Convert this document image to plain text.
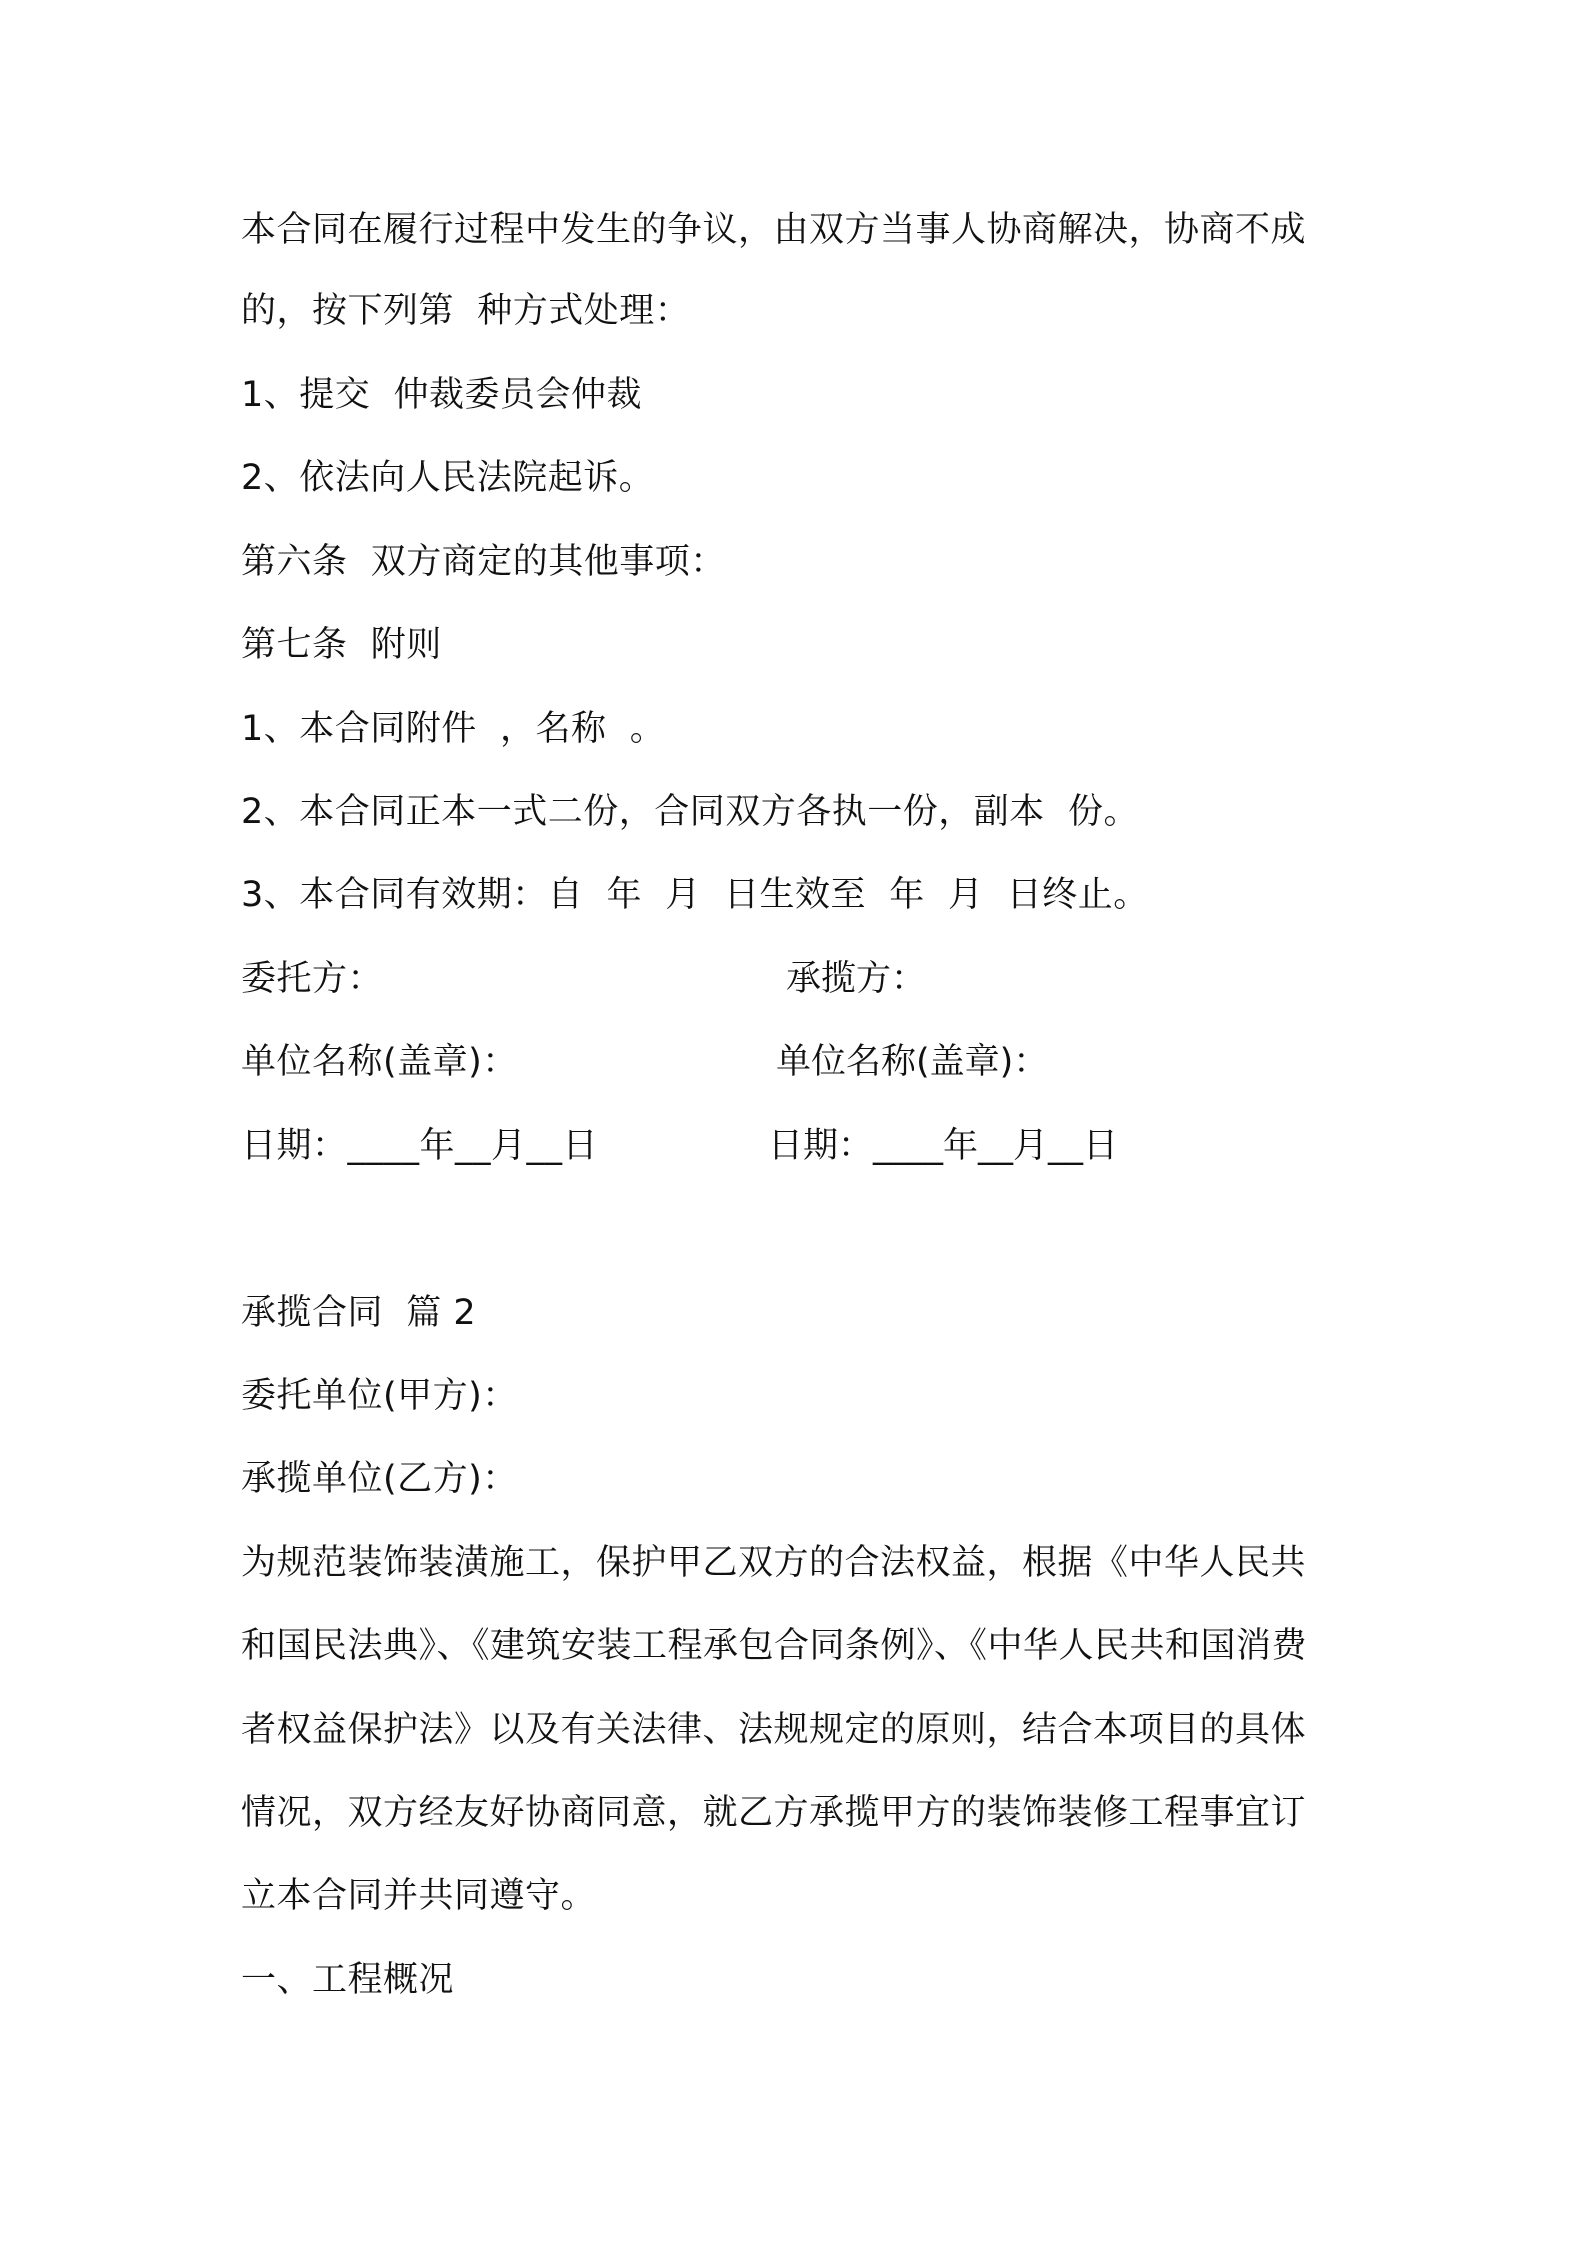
本合同在履行过程中发生的争议，由双方当事人协商解决，协商不成
的，按下列第  种方式处理：
1、提交  仲裁委员会仲裁
2、依法向人民法院起诉。
第六条  双方商定的其他事项：
第七条  附则
1、本合同附件  ，名称  。
2、本合同正本一式二份，合同双方各执一份，副本  份。
3、本合同有效期：自  年  月  日生效至  年  月  日终止。
委托方：	承揽方：
单位名称(盖章)：	单位名称(盖章)：
日期：____年__月__日	日期：____年__月__日
承揽合同  篇 2
委托单位(甲方)：
承揽单位(乙方)：
为规范装饰装潢施工，保护甲乙双方的合法权益，根据《中华人民共
和国民法典》、《建筑安装工程承包合同条例》、《中华人民共和国消费
者权益保护法》以及有关法律、法规规定的原则，结合本项目的具体
情况，双方经友好协商同意，就乙方承揽甲方的装饰装修工程事宜订
立本合同并共同遵守。
一、工程概况
